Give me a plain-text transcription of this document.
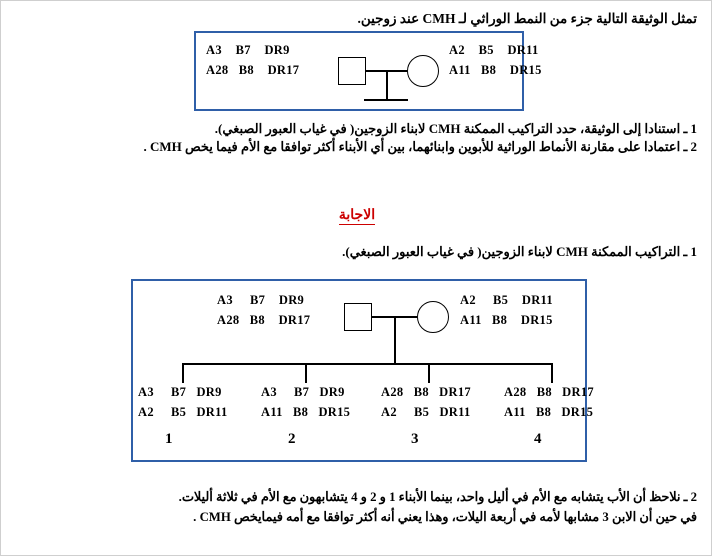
تمثل الوثيقة التالية جزء من النمط الوراثي لـ CMH عند زوجين.
A3    B7    DR9
A28   B8    DR17
A2    B5    DR11
A11   B8    DR15
1 ـ استنادا إلى الوثيقة، حدد التراكيب الممكنة CMH لابناء الزوجين( في غياب العبور الصبغي).
2 ـ اعتمادا على مقارنة الأنماط الوراثية للأبوين وابنائهما، بين أي الأبناء أكثر توافقا مع الأم فيما يخص CMH .
الاجابة
1 ـ التراكيب الممكنة CMH لابناء الزوجين( في غياب العبور الصبغي).
A3     B7    DR9
A28   B8    DR17
A2     B5    DR11
A11   B8    DR15
A3     B7   DR9
A2     B5   DR11
1
A3     B7   DR9
A11   B8   DR15
2
A28   B8   DR17
A2     B5   DR11
3
A28   B8   DR17
A11   B8   DR15
4
2 ـ نلاحظ أن الأب يتشابه مع الأم في أليل واحد، بينما الأبناء 1 و 2 و 4 يتشابهون مع الأم في ثلاثة أليلات.
في حين أن الابن 3 مشابها لأمه في أربعة اليلات، وهذا يعني أنه أكثر توافقا مع أمه فيمايخص CMH .
